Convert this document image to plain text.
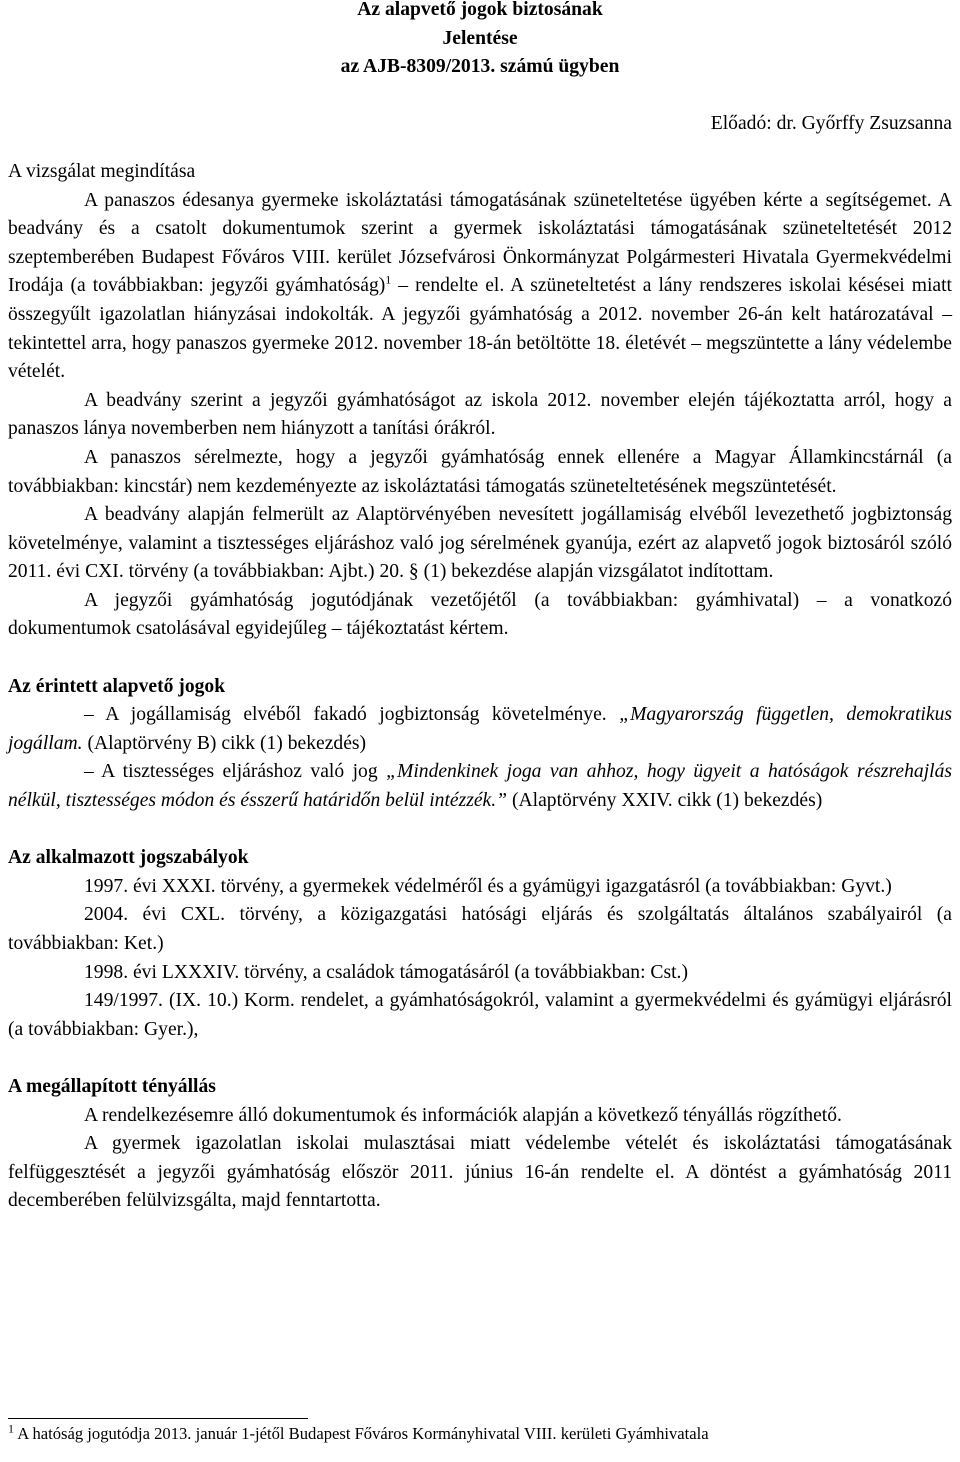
Az alapvető jogok biztosának

Jelentése

az AJB-8309/2013. számú ügyben

Előadó: dr. Győrffy Zsuzsanna

A vizsgálat megindítása

A panaszos édesanya gyermeke iskoláztatási támogatásának szüneteltetése ügyében kérte a segítségemet. A beadvány és a csatolt dokumentumok szerint a gyermek iskoláztatási támogatásának szüneteltetését 2012 szeptemberében Budapest Főváros VIII. kerület Józsefvárosi Önkormányzat Polgármesteri Hivatala Gyermekvédelmi Irodája (a továbbiakban: jegyzői gyámhatóság)$^1$ – rendelte el. A szüneteltetést a lány rendszeres iskolai késései miatt összegyűlt igazolatlan hiányzásai indokolták. A jegyzői gyámhatóság a 2012. november 26-án kelt határozatával – tekintettel arra, hogy panaszos gyermeke 2012. november 18-án betöltötte 18. életévét – megszüntette a lány védelembe vételét.

A beadvány szerint a jegyzői gyámhatóságot az iskola 2012. november elején tájékoztatta arról, hogy a panaszos lánya novemberben nem hiányzott a tanítási órákról.

A panaszos sérelmezte, hogy a jegyzői gyámhatóság ennek ellenére a Magyar Államkincstárnál (a továbbiakban: kincstár) nem kezdeményezte az iskoláztatási támogatás szüneteltetésének megszüntetését.

A beadvány alapján felmerült az Alaptörvényében nevesített jogállamiság elvéből levezethető jogbiztonság követelménye, valamint a tisztességes eljáráshoz való jog sérelmének gyanúja, ezért az alapvető jogok biztosáról szóló 2011. évi CXI. törvény (a továbbiakban: Ajbt.) 20. § (1) bekezdése alapján vizsgálatot indítottam.

A jegyzői gyámhatóság jogutódjának vezetőjétől (a továbbiakban: gyámhivatal) – a vonatkozó dokumentumok csatolásával egyidejűleg – tájékoztatást kértem.

Az érintett alapvető jogok

– A jogállamiság elvéből fakadó jogbiztonság követelménye. „Magyarország független, demokratikus jogállam. (Alaptörvény B) cikk (1) bekezdés)

– A tisztességes eljáráshoz való jog „Mindenkinek joga van ahhoz, hogy ügyeit a hatóságok részrehajlás nélkül, tisztességes módon és ésszerű határidőn belül intézzék.” (Alaptörvény XXIV. cikk (1) bekezdés)

Az alkalmazott jogszabályok

1997. évi XXXI. törvény, a gyermekek védelméről és a gyámügyi igazgatásról (a továbbiakban: Gyvt.)

2004. évi CXL. törvény, a közigazgatási hatósági eljárás és szolgáltatás általános szabályairól (a továbbiakban: Ket.)

1998. évi LXXXIV. törvény, a családok támogatásáról (a továbbiakban: Cst.)

149/1997. (IX. 10.) Korm. rendelet, a gyámhatóságokról, valamint a gyermekvédelmi és gyámügyi eljárásról (a továbbiakban: Gyer.),

A megállapított tényállás

A rendelkezésemre álló dokumentumok és információk alapján a következő tényállás rögzíthető.

A gyermek igazolatlan iskolai mulasztásai miatt védelembe vételét és iskoláztatási támogatásának felfüggesztését a jegyzői gyámhatóság először 2011. június 16-án rendelte el. A döntést a gyámhatóság 2011 decemberében felülvizsgálta, majd fenntartotta.

$^1$ A hatóság jogutódja 2013. január 1-jétől Budapest Főváros Kormányhivatal VIII. kerületi Gyámhivatala
